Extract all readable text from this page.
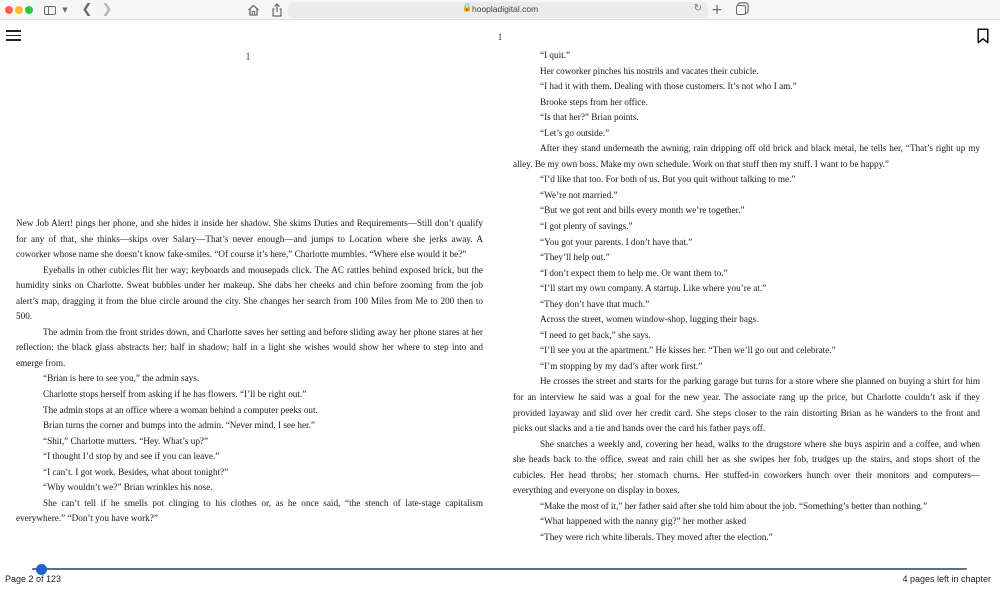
▼ ❮ ❯	🔒 hoopladigital.com	↻ +
1
1

New Job Alert! pings her phone, and she hides it inside her shadow. She skims Duties and Requirements—Still don’t qualify for any of that, she thinks—skips over Salary—That’s never enough—and jumps to Location where she jerks away. A coworker whose name she doesn’t know fake-smiles. “Of course it’s here,” Charlotte mumbles. “Where else would it be?”

Eyeballs in other cubicles flit her way; keyboards and mousepads click. The AC rattles behind exposed brick, but the humidity sinks on Charlotte. Sweat bubbles under her makeup. She dabs her cheeks and chin before zooming from the job alert’s map, dragging it from the blue circle around the city. She changes her search from 100 Miles from Me to 200 then to 500.

The admin from the front strides down, and Charlotte saves her setting and before sliding away her phone stares at her reflection: the black glass abstracts her; half in shadow; half in a light she wishes would show her where to step into and emerge from.

“Brian is here to see you,” the admin says.

Charlotte stops herself from asking if he has flowers. “I’ll be right out.”

The admin stops at an office where a woman behind a computer peeks out.

Brian turns the corner and bumps into the admin. “Never mind. I see her.”

“Shit,” Charlotte mutters. “Hey. What’s up?”

“I thought I’d stop by and see if you can leave.”

“I can’t. I got work. Besides, what about tonight?”

“Why wouldn’t we?” Brian wrinkles his nose.

She can’t tell if he smells pot clinging to his clothes or, as he once said, “the stench of late-stage capitalism everywhere.” “Don’t you have work?”

“I quit.”

Her coworker pinches his nostrils and vacates their cubicle.

“I had it with them. Dealing with those customers. It’s not who I am.”

Brooke steps from her office.

“Is that her?” Brian points.

“Let’s go outside.”

After they stand underneath the awning, rain dripping off old brick and black metal, he tells her, “That’s right up my alley. Be my own boss. Make my own schedule. Work on that stuff then my stuff. I want to be happy.”

“I’d like that too. For both of us. But you quit without talking to me.”

“We’re not married.”

“But we got rent and bills every month we’re together.”

“I got plenty of savings.”

“You got your parents. I don’t have that.”

“They’ll help out.”

“I don’t expect them to help me. Or want them to.”

“I’ll start my own company. A startup. Like where you’re at.”

“They don’t have that much.”

Across the street, women window-shop, lugging their bags.

“I need to get back,” she says.

“I’ll see you at the apartment.” He kisses her. “Then we’ll go out and celebrate.”

“I’m stopping by my dad’s after work first.”

He crosses the street and starts for the parking garage but turns for a store where she planned on buying a shirt for him for an interview he said was a goal for the new year. The associate rang up the price, but Charlotte couldn’t ask if they provided layaway and slid over her credit card. She steps closer to the rain distorting Brian as he wanders to the front and picks out slacks and a tie and hands over the card his father pays off.

She snatches a weekly and, covering her head, walks to the drugstore where she buys aspirin and a coffee, and when she heads back to the office, sweat and rain chill her as she swipes her fob, trudges up the stairs, and stops short of the cubicles. Her head throbs; her stomach churns. Her stuffed-in coworkers hunch over their monitors and computers—everything and everyone on display in boxes.

“Make the most of it,” her father said after she told him about the job. “Something’s better than nothing.”

“What happened with the nanny gig?” her mother asked

“They were rich white liberals. They moved after the election.”

Page 2 of 123	4 pages left in chapter
